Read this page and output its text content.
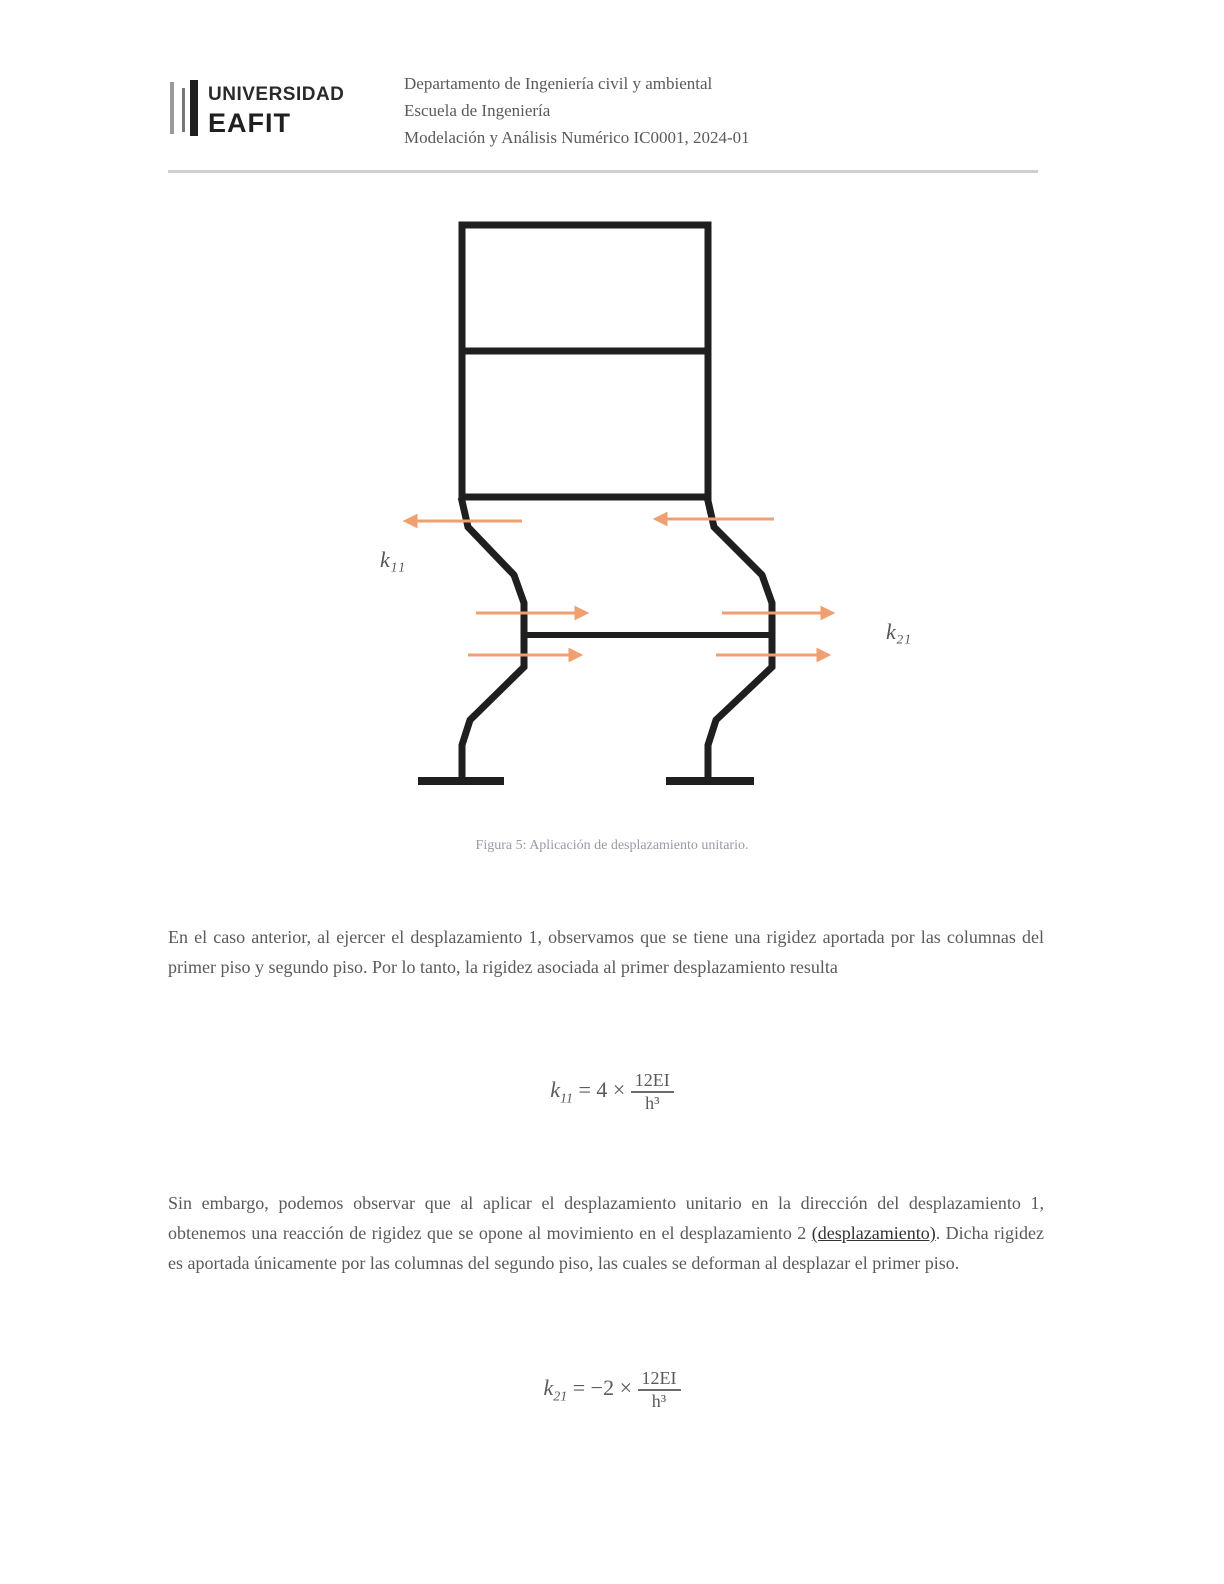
UNIVERSIDAD
EAFIT
Departamento de Ingeniería civil y ambiental
Escuela de Ingeniería
Modelación y Análisis Numérico IC0001, 2024-01
k₁₁
k₂₁
Figura 5: Aplicación de desplazamiento unitario.
En el caso anterior, al ejercer el desplazamiento 1, observamos que se tiene una rigidez aportada por las columnas del primer piso y segundo piso. Por lo tanto, la rigidez asociada al primer desplazamiento resulta
$k_{11} = 4 \times \frac{12EI}{\text{h³}}$
Sin embargo, podemos observar que al aplicar el desplazamiento unitario en la dirección del desplazamiento 1, obtenemos una reacción de rigidez que se opone al movimiento en el desplazamiento 2 (desplazamiento). Dicha rigidez es aportada únicamente por las columnas del segundo piso, las cuales se deforman al desplazar el primer piso.
$k_{21} = -2 \times \frac{12EI}{\text{h³}}$
